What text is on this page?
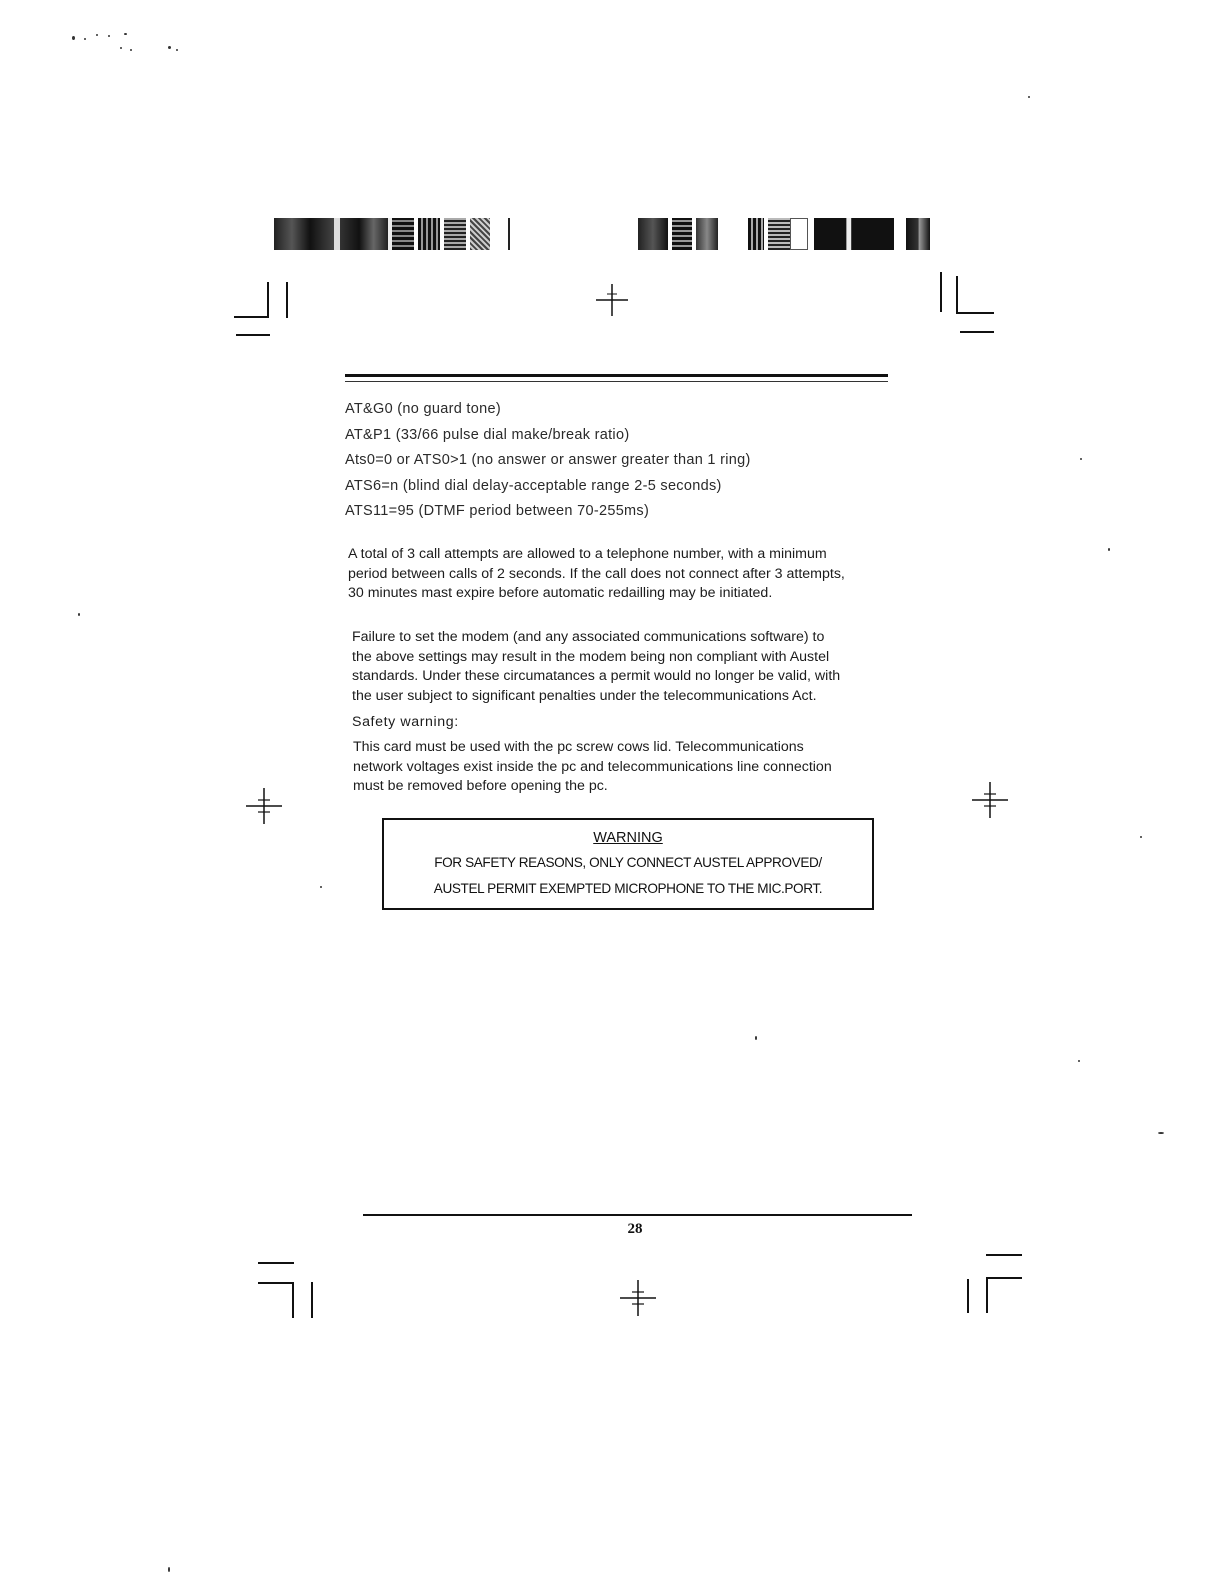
AT&G0 (no guard tone)
AT&P1 (33/66 pulse dial make/break ratio)
Ats0=0 or ATS0>1 (no answer or answer greater than 1 ring)
ATS6=n (blind dial delay-acceptable range 2-5 seconds)
ATS11=95 (DTMF period between 70-255ms)
A total of 3 call attempts are allowed to a telephone number, with a minimum
period between calls of 2 seconds. If the call does not connect after 3 attempts,
30 minutes mast expire before automatic redailling may be initiated.
Failure to set the modem (and any associated communications software) to
the above settings may result in the modem being non compliant with Austel
standards. Under these circumatances a permit would no longer be valid, with
the user subject to significant penalties under the telecommunications Act.
Safety warning:
This card must be used with the pc screw cows lid. Telecommunications
network voltages exist inside the pc and telecommunications line connection
must be removed before opening the pc.
WARNING
FOR SAFETY REASONS, ONLY CONNECT AUSTEL APPROVED/
AUSTEL PERMIT EXEMPTED MICROPHONE TO THE MIC.PORT.
28
